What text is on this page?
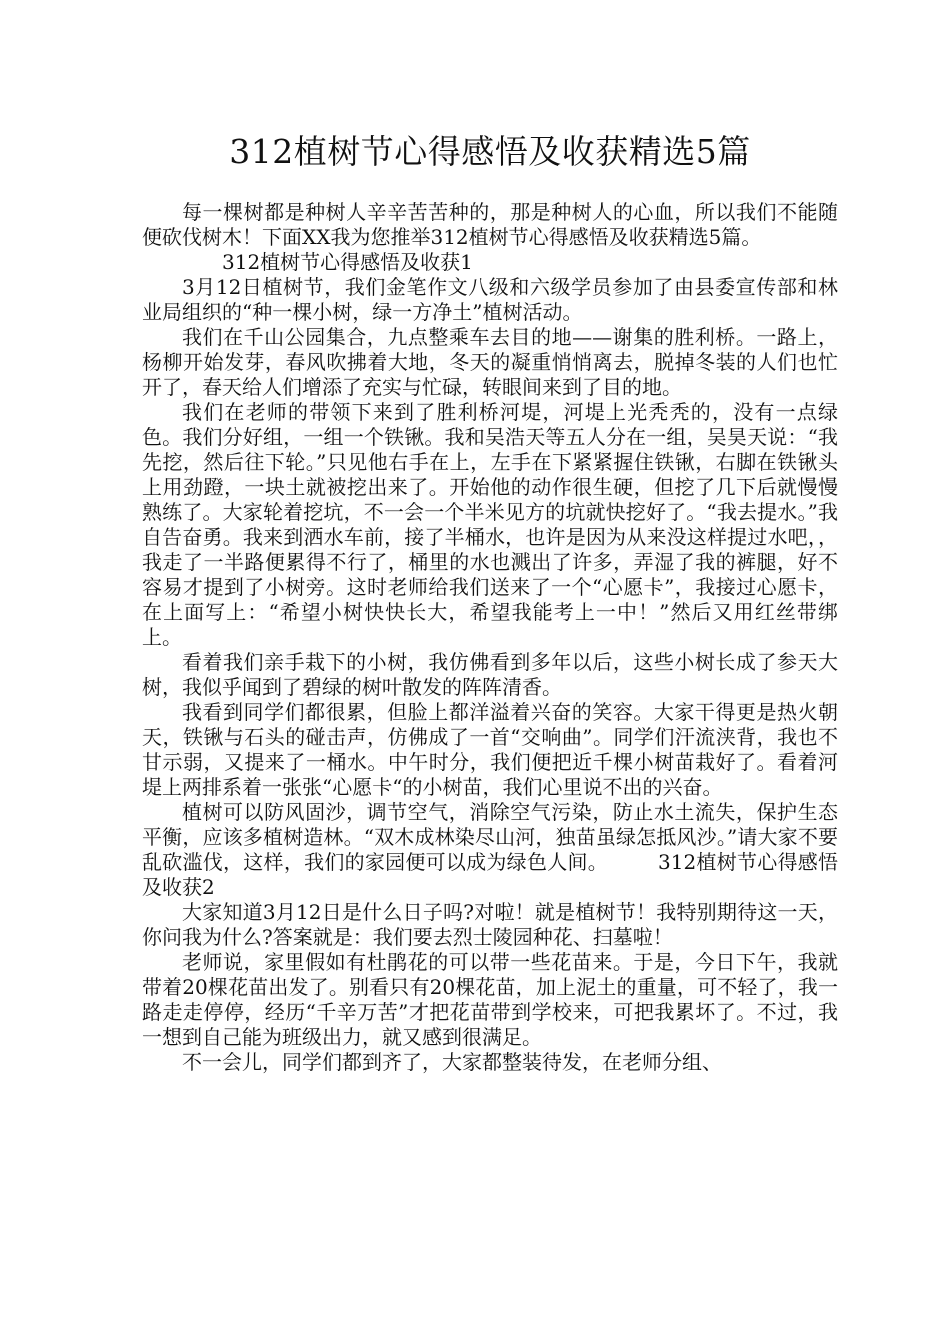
312植树节心得感悟及收获精选5篇

每一棵树都是种树人辛辛苦苦种的，那是种树人的心血，所以我们不能随便砍伐树木！下面XX我为您推举312植树节心得感悟及收获精选5篇。

312植树节心得感悟及收获1

3月12日植树节，我们金笔作文八级和六级学员参加了由县委宣传部和林业局组织的“种一棵小树，绿一方净土”植树活动。

我们在千山公园集合，九点整乘车去目的地——谢集的胜利桥。一路上，杨柳开始发芽，春风吹拂着大地，冬天的凝重悄悄离去，脱掉冬装的人们也忙开了，春天给人们增添了充实与忙碌，转眼间来到了目的地。

我们在老师的带领下来到了胜利桥河堤，河堤上光秃秃的，没有一点绿色。我们分好组，一组一个铁锹。我和吴浩天等五人分在一组，吴昊天说：“我先挖，然后往下轮。”只见他右手在上，左手在下紧紧握住铁锹，右脚在铁锹头上用劲蹬，一块土就被挖出来了。开始他的动作很生硬，但挖了几下后就慢慢熟练了。大家轮着挖坑，不一会一个半米见方的坑就快挖好了。“我去提水。”我自告奋勇。我来到洒水车前，接了半桶水，也许是因为从来没这样提过水吧，，我走了一半路便累得不行了，桶里的水也溅出了许多，弄湿了我的裤腿，好不容易才提到了小树旁。这时老师给我们送来了一个“心愿卡”，我接过心愿卡，在上面写上：“希望小树快快长大，希望我能考上一中！”然后又用红丝带绑上。

看着我们亲手栽下的小树，我仿佛看到多年以后，这些小树长成了参天大树，我似乎闻到了碧绿的树叶散发的阵阵清香。

我看到同学们都很累，但脸上都洋溢着兴奋的笑容。大家干得更是热火朝天，铁锹与石头的碰击声，仿佛成了一首“交响曲”。同学们汗流浃背，我也不甘示弱，又提来了一桶水。中午时分，我们便把近千棵小树苗栽好了。看着河堤上两排系着一张张“心愿卡“的小树苗，我们心里说不出的兴奋。

植树可以防风固沙，调节空气，消除空气污染，防止水土流失，保护生态平衡，应该多植树造林。“双木成林染尽山河，独苗虽绿怎抵风沙。”请大家不要乱砍滥伐，这样，我们的家园便可以成为绿色人间。	312植树节心得感悟及收获2

大家知道3月12日是什么日子吗?对啦！就是植树节！我特别期待这一天，你问我为什么?答案就是：我们要去烈士陵园种花、扫墓啦！

老师说，家里假如有杜鹃花的可以带一些花苗来。于是，今日下午，我就带着20棵花苗出发了。别看只有20棵花苗，加上泥土的重量，可不轻了，我一路走走停停，经历“千辛万苦”才把花苗带到学校来，可把我累坏了。不过，我一想到自己能为班级出力，就又感到很满足。

不一会儿，同学们都到齐了，大家都整装待发，在老师分组、
